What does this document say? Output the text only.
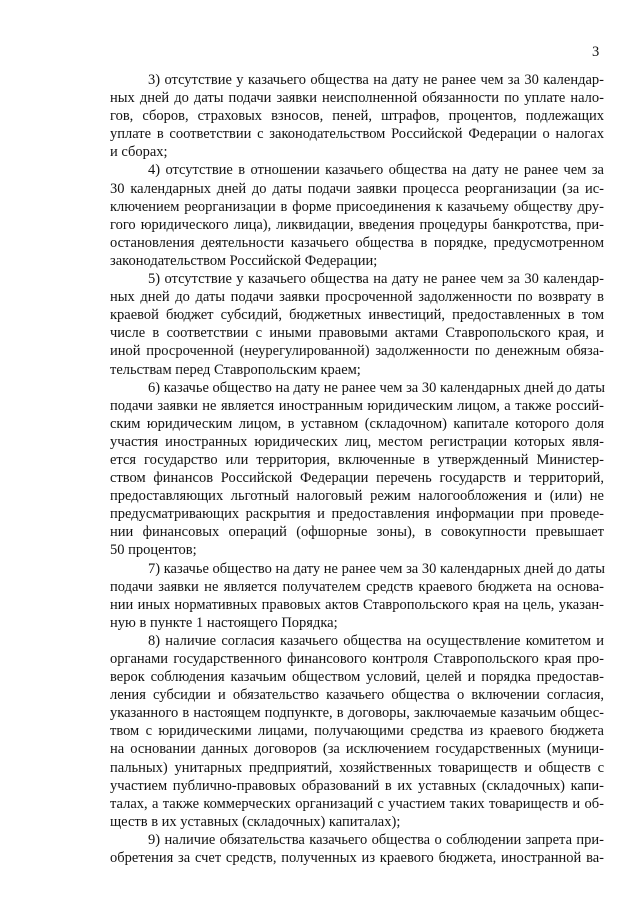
3
3) отсутствие у казачьего общества на дату не ранее чем за 30 календар-
ных дней до даты подачи заявки неисполненной обязанности по уплате нало-
гов, сборов, страховых взносов, пеней, штрафов, процентов, подлежащих
уплате в соответствии с законодательством Российской Федерации о налогах
и сборах;
4) отсутствие в отношении казачьего общества на дату не ранее чем за
30 календарных дней до даты подачи заявки процесса реорганизации (за ис-
ключением реорганизации в форме присоединения к казачьему обществу дру-
гого юридического лица), ликвидации, введения процедуры банкротства, при-
остановления деятельности казачьего общества в порядке, предусмотренном
законодательством Российской Федерации;
5) отсутствие у казачьего общества на дату не ранее чем за 30 календар-
ных дней до даты подачи заявки просроченной задолженности по возврату в
краевой бюджет субсидий, бюджетных инвестиций, предоставленных в том
числе в соответствии с иными правовыми актами Ставропольского края, и
иной просроченной (неурегулированной) задолженности по денежным обяза-
тельствам перед Ставропольским краем;
6) казачье общество на дату не ранее чем за 30 календарных дней до даты
подачи заявки не является иностранным юридическим лицом, а также россий-
ским юридическим лицом, в уставном (складочном) капитале которого доля
участия иностранных юридических лиц, местом регистрации которых явля-
ется государство или территория, включенные в утвержденный Министер-
ством финансов Российской Федерации перечень государств и территорий,
предоставляющих льготный налоговый режим налогообложения и (или) не
предусматривающих раскрытия и предоставления информации при проведе-
нии финансовых операций (офшорные зоны), в совокупности превышает
50 процентов;
7) казачье общество на дату не ранее чем за 30 календарных дней до даты
подачи заявки не является получателем средств краевого бюджета на основа-
нии иных нормативных правовых актов Ставропольского края на цель, указан-
ную в пункте 1 настоящего Порядка;
8) наличие согласия казачьего общества на осуществление комитетом и
органами государственного финансового контроля Ставропольского края про-
верок соблюдения казачьим обществом условий, целей и порядка предостав-
ления субсидии и обязательство казачьего общества о включении согласия,
указанного в настоящем подпункте, в договоры, заключаемые казачьим общес-
твом с юридическими лицами, получающими средства из краевого бюджета
на основании данных договоров (за исключением государственных (муници-
пальных) унитарных предприятий, хозяйственных товариществ и обществ с
участием публично-правовых образований в их уставных (складочных) капи-
талах, а также коммерческих организаций с участием таких товариществ и об-
ществ в их уставных (складочных) капиталах);
9) наличие обязательства казачьего общества о соблюдении запрета при-
обретения за счет средств, полученных из краевого бюджета, иностранной ва-
